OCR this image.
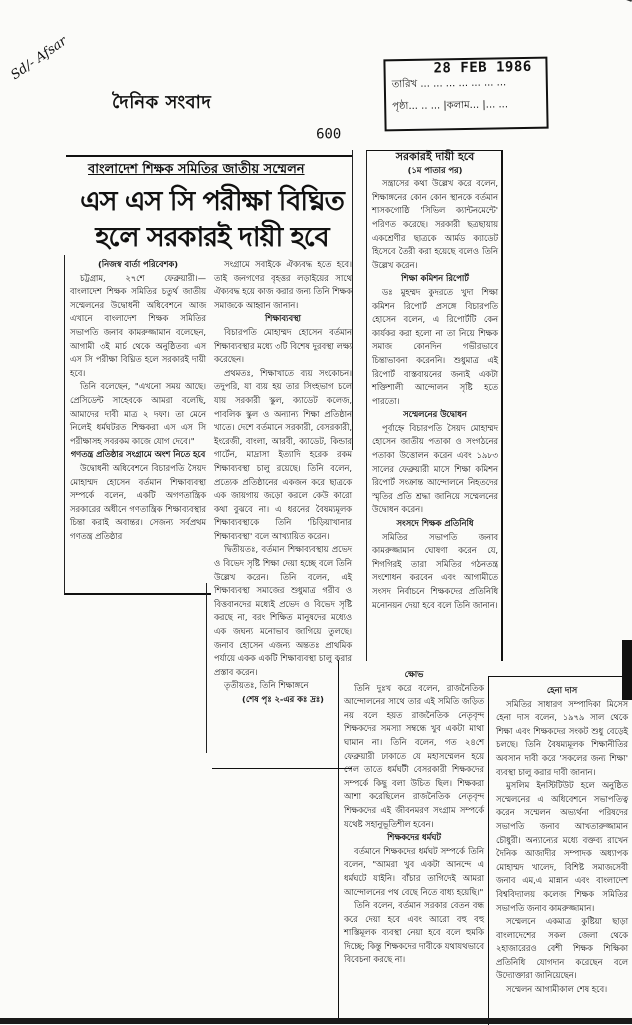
Sd/- Afsar
দৈনিক সংবাদ
009
28 FEB 1986
তারিখ ... ... ... ... ... ... ...
পৃষ্ঠা... .. ... |কলাম... |... ...
বাংলাদেশ শিক্ষক সমিতির জাতীয় সম্মেলন
এস এস সি পরীক্ষা বিঘ্নিত
হলে সরকারই দায়ী হবে

(নিজস্ব বার্তা পরিবেশক)

চট্টগ্রাম, ২৭শে ফেব্রুয়ারী।— বাংলাদেশ শিক্ষক সমিতির চতুর্থ জাতীয় সম্মেলনের উদ্বোধনী অধিবেশনে আজ এখানে বাংলাদেশ শিক্ষক সমিতির সভাপতি জনাব কামরুজ্জামান বলেছেন, আগামী ৩ই মার্চ থেকে অনুষ্ঠিতব্য এস এস সি পরীক্ষা বিঘ্নিত হলে সরকারই দায়ী হবে।

তিনি বলেছেন, "এখনো সময় আছে। প্রেসিডেন্ট সাহেবকে আমরা বলেছি, আমাদের দাবী মাত্র ২ দফা। তা মেনে নিলেই ধর্মঘটরত শিক্ষকরা এস এস সি পরীক্ষাসহ সবরকম কাজে যোগ দেবে।"

গণতন্ত্র প্রতিষ্ঠার সংগ্রামে অংশ নিতে হবে

উদ্বোধনী অধিবেশনে বিচারপতি সৈয়দ মোহাম্মদ হোসেন বর্তমান শিক্ষাব্যবস্থা সম্পর্কে বলেন, একটি অগণতান্ত্রিক সরকারের অধীনে গণতান্ত্রিক শিক্ষাব্যবস্থার চিন্তা করাই অবান্তর। সেজন্য সর্বপ্রথম গণতন্ত্র প্রতিষ্ঠার

সংগ্রামে সবাইকে ঐক্যবদ্ধ হতে হবে। তাই জনগণের বৃহত্তর লড়াইয়ের সাথে ঐক্যবদ্ধ হয়ে কাজ করার জন্য তিনি শিক্ষক সমাজকে আহ্বান জানান।

শিক্ষাব্যবস্থা

বিচারপতি মোহাম্মদ হোসেন বর্তমান শিক্ষাব্যবস্থার মধ্যে ৩টি বিশেষ দুরবস্থা লক্ষ্য করেছেন।

প্রথমতঃ, শিক্ষাখাতে ব্যয় সংকোচন। তদুপরি, যা ব্যয় হয় তার সিংহভাগ চলে যায় সরকারী স্কুল, ক্যাডেট কলেজ, পাবলিক স্কুল ও অন্যান্য শিক্ষা প্রতিষ্ঠান খাতে। দেশে বর্তমানে সরকারী, বেসরকারী, ইংরেজী, বাংলা, আরবী, ক্যাডেট, কিন্ডার গার্টেন, মাদ্রাসা ইত্যাদি হরেক রকম শিক্ষাব্যবস্থা চালু রয়েছে। তিনি বলেন, প্রত্যেক প্রতিষ্ঠানের একজন করে ছাত্রকে এক জায়গায় জড়ো করলে কেউ কারো কথা বুঝবে না। এ ধরনের বৈষম্যমূলক শিক্ষাব্যবস্থাকে তিনি 'চিড়িয়াখানার শিক্ষাব্যবস্থা' বলে আখ্যায়িত করেন।

দ্বিতীয়তঃ, বর্তমান শিক্ষাব্যবস্থায় প্রভেদ ও বিভেদ সৃষ্টি শিক্ষা দেয়া হচ্ছে বলে তিনি উল্লেখ করেন। তিনি বলেন, এই শিক্ষাব্যবস্থা সমাজের শুধুমাত্র গরীব ও বিত্তবানদের মধ্যেই প্রভেদ ও বিভেদ সৃষ্টি করছে না, বরং শিক্ষিত মানুষদের মধ্যেও এক জঘন্য মনোভাব জাগিয়ে তুলছে। জনাব হোসেন এজন্য অন্ততঃ প্রাথমিক পর্যায়ে একক একটি শিক্ষাব্যবস্থা চালু করার প্রস্তাব করেন।

তৃতীয়তঃ, তিনি শিক্ষাঙ্গনে

(শেষ পৃঃ ২-এর কঃ দ্রঃ)

সরকারই দায়ী হবে

(১ম পাতার পর)

সন্ত্রাসের কথা উল্লেখ করে বলেন, শিক্ষাঙ্গনের কোন কোন স্থানকে বর্তমান শাসকগোষ্ঠি 'সিভিল ক্যান্টনমেন্টে' পরিণত করেছে। সরকারী ছত্রছায়ায় একশ্রেণীর ছাত্রকে আর্মড ক্যাডেট হিসেবে তৈরী করা হয়েছে বলেও তিনি উল্লেখ করেন।

শিক্ষা কমিশন রিপোর্ট

ডঃ মুহম্মদ কুদরতে খুদা শিক্ষা কমিশন রিপোর্ট প্রসঙ্গে বিচারপতি হোসেন বলেন, এ রিপোর্টটি কেন কার্যকর করা হলো না তা নিয়ে শিক্ষক সমাজ কোনদিন গভীরভাবে চিন্তাভাবনা করেননি। শুধুমাত্র এই রিপোর্ট বাস্তবায়নের জন্যই একটা শক্তিশালী আন্দোলন সৃষ্টি হতে পারতো।

সম্মেলনের উদ্বোধন

পূর্বাহ্নে বিচারপতি সৈয়দ মোহাম্মদ হোসেন জাতীয় পতাকা ও সংগঠনের পতাকা উত্তোলন করেন এবং ১৯৮৩ সালের ফেব্রুয়ারী মাসে শিক্ষা কমিশন রিপোর্ট সংক্রান্ত আন্দোলনে নিহতদের স্মৃতির প্রতি শ্রদ্ধা জানিয়ে সম্মেলনের উদ্বোধন করেন।

সংসদে শিক্ষক প্রতিনিধি

সমিতির সভাপতি জনাব কামরুজ্জামান ঘোষণা করেন যে, শিগগিরই তারা সমিতির গঠনতন্ত্র সংশোধন করবেন এবং আগামীতে সংসদ নির্বাচনে শিক্ষকদের প্রতিনিধি মনোনয়ন দেয়া হবে বলে তিনি জানান।

ক্ষোভ

তিনি দুঃখ করে বলেন, রাজনৈতিক আন্দোলনের সাথে তার এই সমিতি জড়িত নয় বলে হয়ত রাজনৈতিক নেতৃবৃন্দ শিক্ষকদের সমস্যা সম্বন্ধে খুব একটা মাথা ঘামান না। তিনি বলেন, গত ২৪শে ফেব্রুয়ারী ঢাকাতে যে মহাসম্মেলন হয়ে গেল তাতে ধর্মঘটী বেসরকারী শিক্ষকদের সম্পর্কে কিছু বলা উচিত ছিল। শিক্ষকরা আশা করেছিলেন রাজনৈতিক নেতৃবৃন্দ শিক্ষকদের এই জীবনমরণ সংগ্রাম সম্পর্কে যথেষ্ট সহানুভূতিশীল হবেন।

শিক্ষকদের ধর্মঘট

বর্তমানে শিক্ষকদের ধর্মঘট সম্পর্কে তিনি বলেন, "আমরা খুব একটা আনন্দে এ ধর্মঘটে যাইনি। বাঁচার তাগিদেই আমরা আন্দোলনের পথ বেছে নিতে বাধ্য হয়েছি।"

তিনি বলেন, বর্তমান সরকার বেতন বন্ধ করে দেয়া হবে এবং আরো বহু বহু শাস্তিমূলক ব্যবস্থা নেয়া হবে বলে হুমকি দিচ্ছে; কিন্তু শিক্ষকদের দাবীকে যথাযথভাবে বিবেচনা করছে না।

হেনা দাস

সমিতির সাধারণ সম্পাদিকা মিসেস হেনা দাস বলেন, ১৯৭৯ সাল থেকে শিক্ষা এবং শিক্ষকদের সংকট শুধু বেড়েই চলছে। তিনি বৈষম্যমূলক শিক্ষানীতির অবসান দাবী করে 'সকলের জন্য শিক্ষা' ব্যবস্থা চালু করার দাবী জানান।

মুসলিম ইনস্টিটিউট হলে অনুষ্ঠিত সম্মেলনের এ অধিবেশনে সভাপতিত্ব করেন সম্মেলন অভ্যর্থনা পরিষদের সভাপতি জনাব আখতারুজ্জামান চৌধুরী। অন্যান্যের মধ্যে বক্তব্য রাখেন দৈনিক আজাদীর সম্পাদক অধ্যাপক মোহাম্মদ খালেদ, বিশিষ্ট সমাজসেবী জনাব এম,এ মান্নান এবং বাংলাদেশ বিশ্ববিদ্যালয় কলেজ শিক্ষক সমিতির সভাপতি জনাব কামরুজ্জামান।

সম্মেলনে একমাত্র কুষ্টিয়া ছাড়া বাংলাদেশের সকল জেলা থেকে ২হাজারেরও বেশী শিক্ষক শিক্ষিকা প্রতিনিধি যোগদান করেছেন বলে উদ্যোক্তারা জানিয়েছেন।

সম্মেলন আগামীকাল শেষ হবে।
